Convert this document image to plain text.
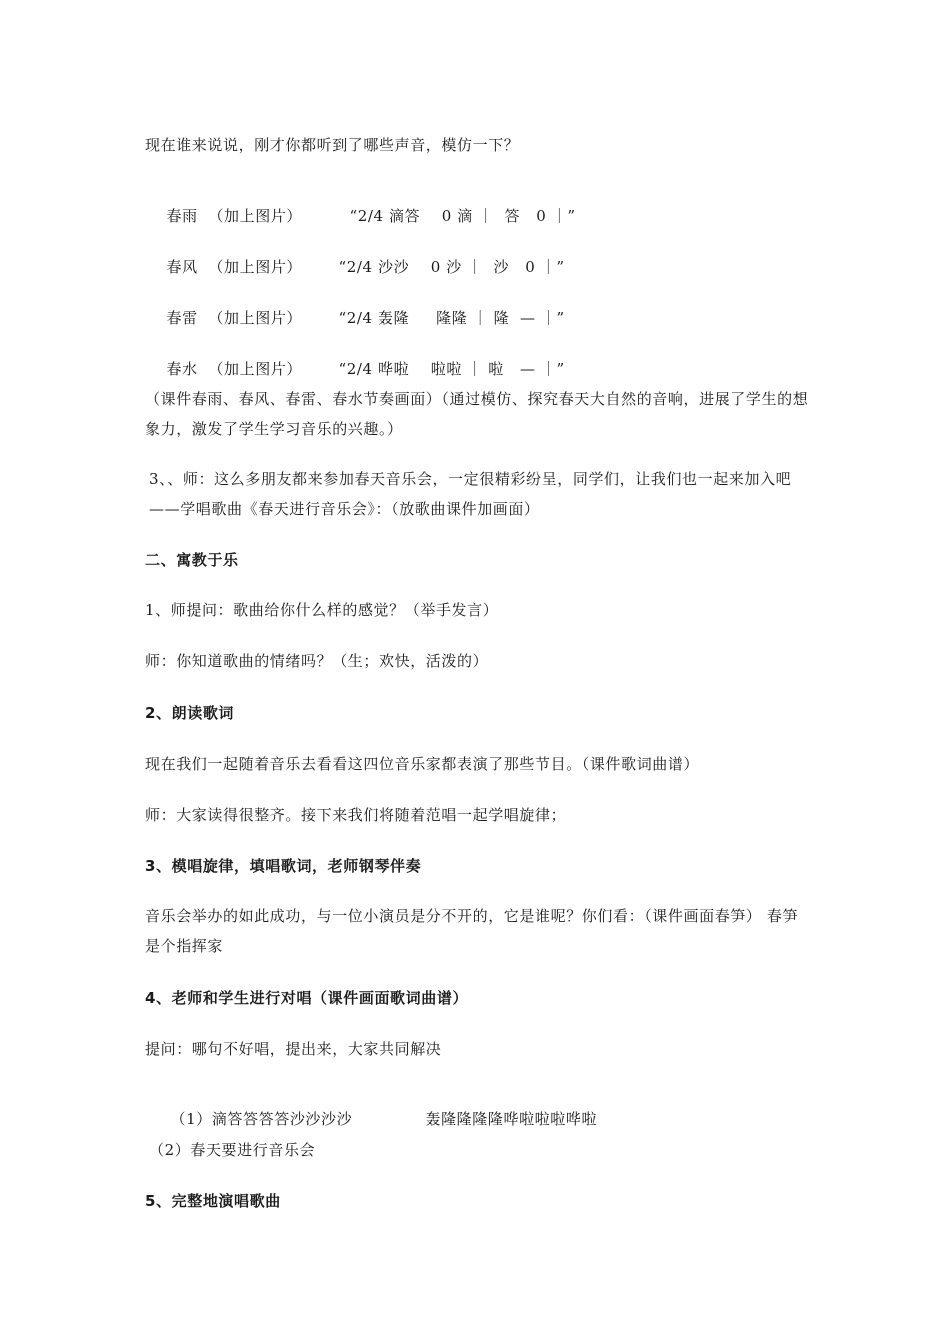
现在谁来说说，刚才你都听到了哪些声音，模仿一下？

春雨  （加上图片）	“2/4 滴答    0 滴 ｜  答   0 ｜”

春风  （加上图片） “2/4 沙沙    0 沙 ｜  沙   0 ｜”

春雷  （加上图片） “2/4 轰隆     隆隆 ｜ 隆  — ｜”

春水  （加上图片） “2/4 哗啦    啦啦 ｜ 啦   — ｜”

（课件春雨、春风、春雷、春水节奏画面）（通过模仿、探究春天大自然的音响，进展了学生的想象力，激发了学生学习音乐的兴趣。）
3、、师：这么多朋友都来参加春天音乐会，一定很精彩纷呈，同学们，让我们也一起来加入吧——学唱歌曲《春天进行音乐会》：（放歌曲课件加画面）
二、寓教于乐
1、师提问：歌曲给你什么样的感觉？（举手发言）
师：你知道歌曲的情绪吗？（生；欢快，活泼的）
2、朗读歌词
现在我们一起随着音乐去看看这四位音乐家都表演了那些节目。（课件歌词曲谱）
师：大家读得很整齐。接下来我们将随着范唱一起学唱旋律；
3、模唱旋律，填唱歌词，老师钢琴伴奏
音乐会举办的如此成功，与一位小演员是分不开的，它是谁呢？你们看：（课件画面春笋） 春笋是个指挥家
4、老师和学生进行对唱（课件画面歌词曲谱）
提问：哪句不好唱，提出来，大家共同解决

（1）滴答答答答沙沙沙沙	轰隆隆隆隆哗啦啦啦哗啦

（2）春天要进行音乐会
5、完整地演唱歌曲
